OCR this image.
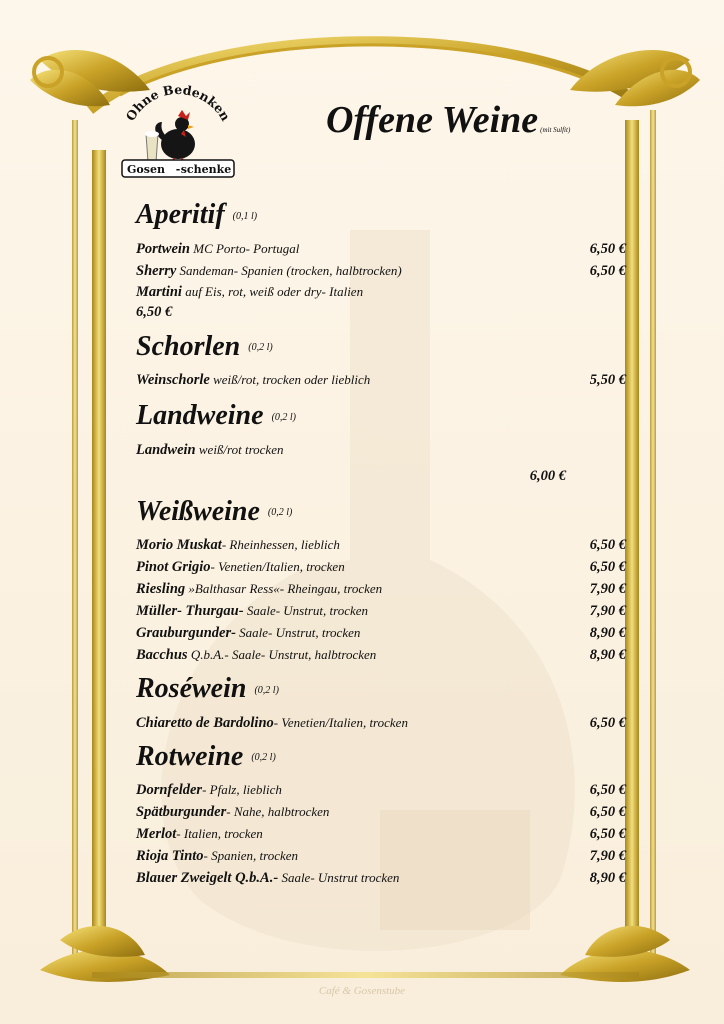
Ohne Bedenken
Gosen - schenke
Offene Weine (mit Sulfit)
Aperitif (0,1 l)
Portwein MC Porto- Portugal	6,50 €
Sherry Sandeman- Spanien (trocken, halbtrocken)	6,50 €
Martini auf Eis, rot, weiß oder dry- Italien
6,50 €
Schorlen (0,2 l)
Weinschorle weiß/rot, trocken oder lieblich	5,50 €
Landweine (0,2 l)
Landwein weiß/rot trocken
6,00 €
Weißweine (0,2 l)
Morio Muskat- Rheinhessen, lieblich	6,50 €
Pinot Grigio- Venetien/Italien, trocken	6,50 €
Riesling »Balthasar Ress«- Rheingau, trocken	7,90 €
Müller- Thurgau- Saale- Unstrut, trocken	7,90 €
Grauburgunder- Saale- Unstrut, trocken	8,90 €
Bacchus Q.b.A.- Saale- Unstrut, halbtrocken	8,90 €
Roséwein (0,2 l)
Chiaretto de Bardolino- Venetien/Italien, trocken	6,50 €
Rotweine (0,2 l)
Dornfelder- Pfalz, lieblich	6,50 €
Spätburgunder- Nahe, halbtrocken	6,50 €
Merlot- Italien, trocken	6,50 €
Rioja Tinto- Spanien, trocken	7,90 €
Blauer Zweigelt Q.b.A.- Saale- Unstrut trocken	8,90 €
Café & Gosenstube
